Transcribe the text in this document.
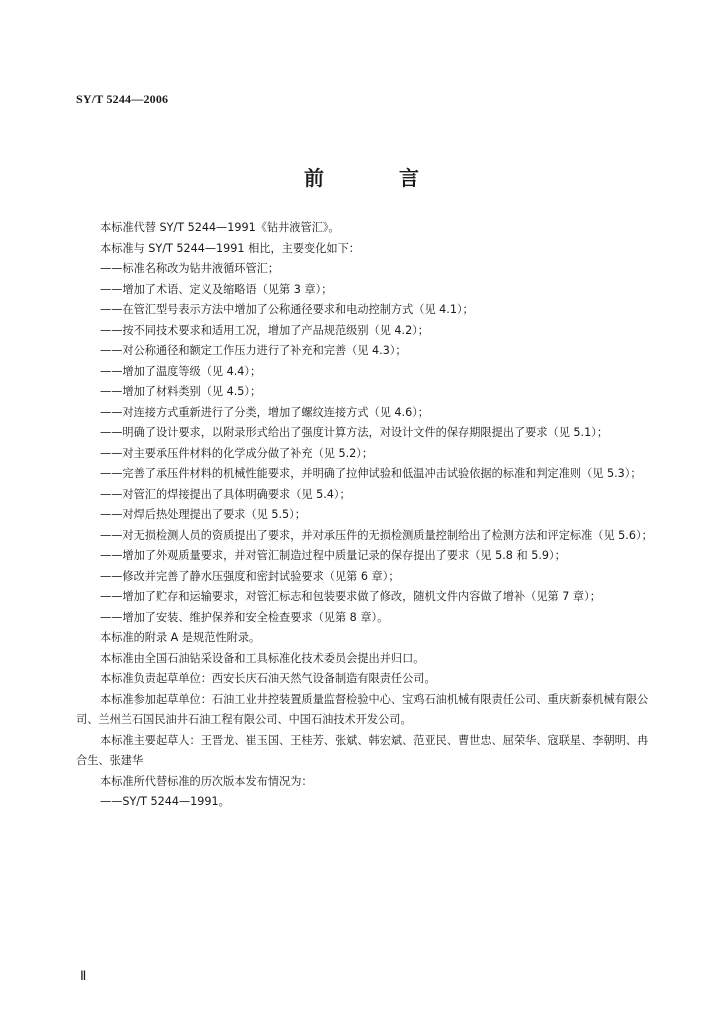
SY/T 5244—2006
前 言

本标准代替 SY/T 5244—1991《钻井液管汇》。

本标准与 SY/T 5244—1991 相比，主要变化如下：

——标准名称改为钻井液循环管汇；

——增加了术语、定义及缩略语（见第 3 章）；

——在管汇型号表示方法中增加了公称通径要求和电动控制方式（见 4.1）；

——按不同技术要求和适用工况，增加了产品规范级别（见 4.2）；

——对公称通径和额定工作压力进行了补充和完善（见 4.3）；

——增加了温度等级（见 4.4）；

——增加了材料类别（见 4.5）；

——对连接方式重新进行了分类，增加了螺纹连接方式（见 4.6）；

——明确了设计要求，以附录形式给出了强度计算方法，对设计文件的保存期限提出了要求（见 5.1）；

——对主要承压件材料的化学成分做了补充（见 5.2）；

——完善了承压件材料的机械性能要求，并明确了拉伸试验和低温冲击试验依据的标准和判定准则（见 5.3）；

——对管汇的焊接提出了具体明确要求（见 5.4）；

——对焊后热处理提出了要求（见 5.5）；

——对无损检测人员的资质提出了要求，并对承压件的无损检测质量控制给出了检测方法和评定标准（见 5.6）；

——增加了外观质量要求，并对管汇制造过程中质量记录的保存提出了要求（见 5.8 和 5.9）；

——修改并完善了静水压强度和密封试验要求（见第 6 章）；

——增加了贮存和运输要求，对管汇标志和包装要求做了修改，随机文件内容做了增补（见第 7 章）；

——增加了安装、维护保养和安全检查要求（见第 8 章）。

本标准的附录 A 是规范性附录。

本标准由全国石油钻采设备和工具标准化技术委员会提出并归口。

本标准负责起草单位：西安长庆石油天然气设备制造有限责任公司。

本标准参加起草单位：石油工业井控装置质量监督检验中心、宝鸡石油机械有限责任公司、重庆新泰机械有限公司、兰州兰石国民油井石油工程有限公司、中国石油技术开发公司。

本标准主要起草人：王晋龙、崔玉国、王桂芳、张斌、韩宏斌、范亚民、曹世忠、屈荣华、寇联星、李朝明、冉合生、张建华

本标准所代替标准的历次版本发布情况为：

——SY/T 5244—1991。

Ⅱ
